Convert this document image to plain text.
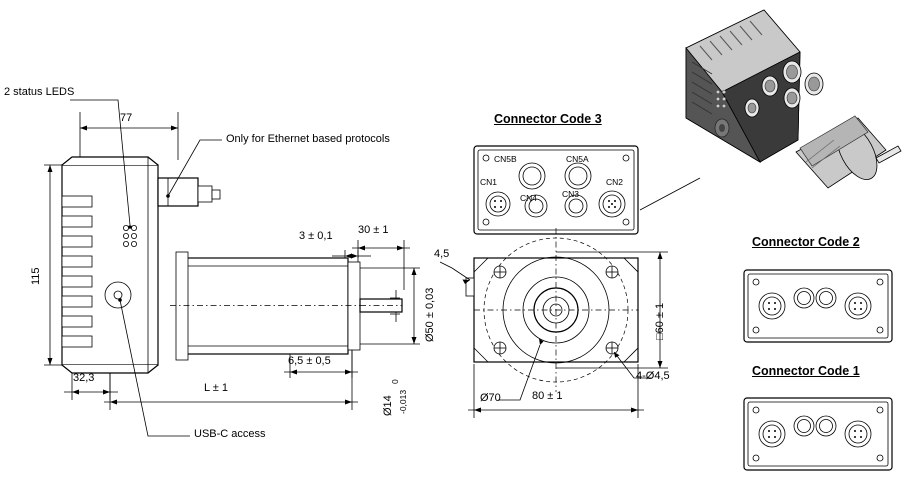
2 status LEDS
Only for Ethernet based protocols
USB-C access
77
115
32,3
L ± 1
3 ± 0,1 30 ± 1
6,5 ± 0,5
Ø50 ± 0,03
Ø14
0
-0,013
4,5
□60 ± 1
80 ± 1
Ø70
4-Ø4,5
Connector Code 3
Connector Code 2
Connector Code 1
CN5B	CN5A
CN1
CN4	CN3
CN2
